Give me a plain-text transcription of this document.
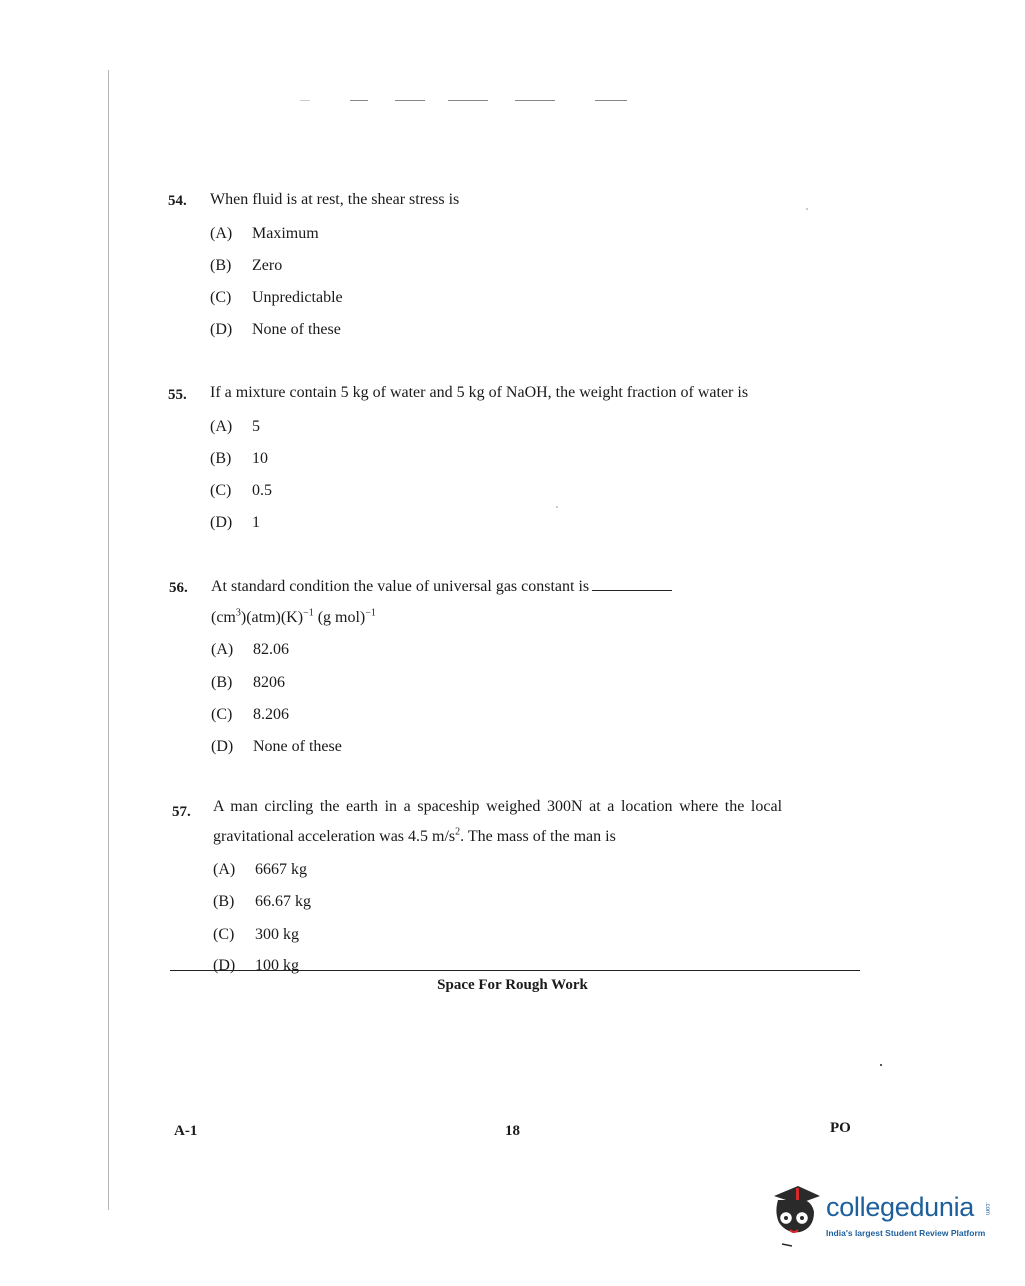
54. When fluid is at rest, the shear stress is
(A) Maximum
(B) Zero
(C) Unpredictable
(D) None of these
55. If a mixture contain 5 kg of water and 5 kg of NaOH, the weight fraction of water is
(A) 5
(B) 10
(C) 0.5
(D) 1
56. At standard condition the value of universal gas constant is
$(cm^3)(atm)(K)^{-1}$ (g mol)$^{-1}$
(A) 82.06
(B) 8206
(C) 8.206
(D) None of these
57. A man circling the earth in a spaceship weighed 300N at a location where the local
gravitational acceleration was 4.5 $m/s^2$. The mass of the man is
(A) 6667 kg
(B) 66.67 kg
(C) 300 kg
(D) 100 kg
Space For Rough Work
A-1	18	PO
collegedunia .com
India's largest Student Review Platform
